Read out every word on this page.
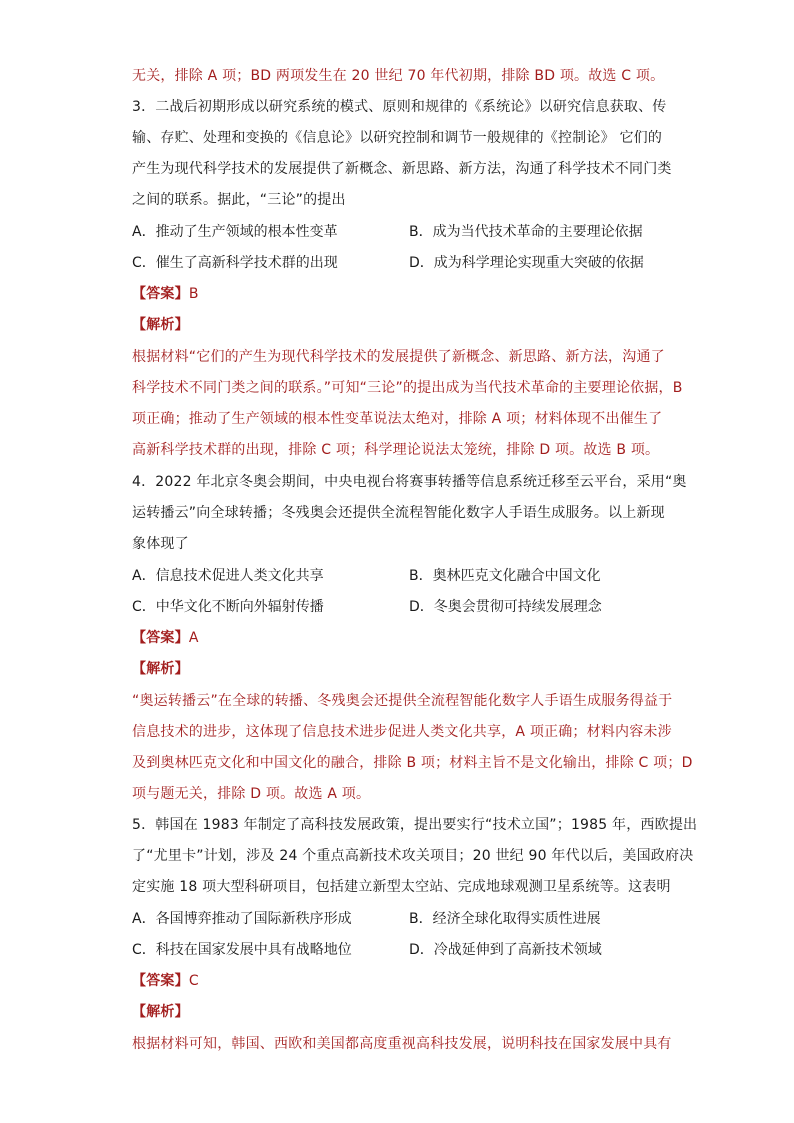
无关，排除 A 项；BD 两项发生在 20 世纪 70 年代初期，排除 BD 项。故选 C 项。
3．二战后初期形成以研究系统的模式、原则和规律的《系统论》以研究信息获取、传
输、存贮、处理和变换的《信息论》以研究控制和调节一般规律的《控制论》 它们的
产生为现代科学技术的发展提供了新概念、新思路、新方法，沟通了科学技术不同门类
之间的联系。据此，“三论”的提出
A．推动了生产领域的根本性变革	B．成为当代技术革命的主要理论依据
C．催生了高新科学技术群的出现	D．成为科学理论实现重大突破的依据
【答案】B
【解析】
根据材料“它们的产生为现代科学技术的发展提供了新概念、新思路、新方法，沟通了
科学技术不同门类之间的联系。”可知“三论”的提出成为当代技术革命的主要理论依据，B
项正确；推动了生产领域的根本性变革说法太绝对，排除 A 项；材料体现不出催生了
高新科学技术群的出现，排除 C 项；科学理论说法太笼统，排除 D 项。故选 B 项。
4．2022 年北京冬奥会期间，中央电视台将赛事转播等信息系统迁移至云平台，采用“奥
运转播云”向全球转播；冬残奥会还提供全流程智能化数字人手语生成服务。以上新现
象体现了
A．信息技术促进人类文化共享	B．奥林匹克文化融合中国文化
C．中华文化不断向外辐射传播	D．冬奥会贯彻可持续发展理念
【答案】A
【解析】
“奥运转播云”在全球的转播、冬残奥会还提供全流程智能化数字人手语生成服务得益于
信息技术的进步，这体现了信息技术进步促进人类文化共享，A 项正确；材料内容未涉
及到奥林匹克文化和中国文化的融合，排除 B 项；材料主旨不是文化输出，排除 C 项；D
项与题无关，排除 D 项。故选 A 项。
5．韩国在 1983 年制定了高科技发展政策，提出要实行“技术立国”；1985 年，西欧提出
了“尤里卡”计划，涉及 24 个重点高新技术攻关项目；20 世纪 90 年代以后，美国政府决
定实施 18 项大型科研项目，包括建立新型太空站、完成地球观测卫星系统等。这表明
A．各国博弈推动了国际新秩序形成	B．经济全球化取得实质性进展
C．科技在国家发展中具有战略地位	D．冷战延伸到了高新技术领域
【答案】C
【解析】
根据材料可知，韩国、西欧和美国都高度重视高科技发展，说明科技在国家发展中具有
